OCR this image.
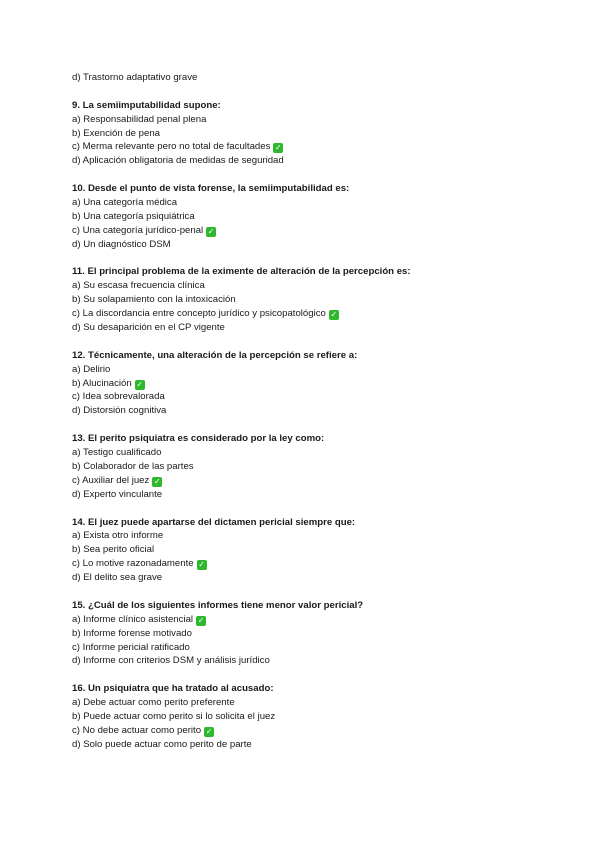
d) Trastorno adaptativo grave
9. La semiimputabilidad supone:
a) Responsabilidad penal plena
b) Exención de pena
c) Merma relevante pero no total de facultades ✓
d) Aplicación obligatoria de medidas de seguridad
10. Desde el punto de vista forense, la semiimputabilidad es:
a) Una categoría médica
b) Una categoría psiquiátrica
c) Una categoría jurídico-penal ✓
d) Un diagnóstico DSM
11. El principal problema de la eximente de alteración de la percepción es:
a) Su escasa frecuencia clínica
b) Su solapamiento con la intoxicación
c) La discordancia entre concepto jurídico y psicopatológico ✓
d) Su desaparición en el CP vigente
12. Técnicamente, una alteración de la percepción se refiere a:
a) Delirio
b) Alucinación ✓
c) Idea sobrevalorada
d) Distorsión cognitiva
13. El perito psiquiatra es considerado por la ley como:
a) Testigo cualificado
b) Colaborador de las partes
c) Auxiliar del juez ✓
d) Experto vinculante
14. El juez puede apartarse del dictamen pericial siempre que:
a) Exista otro informe
b) Sea perito oficial
c) Lo motive razonadamente ✓
d) El delito sea grave
15. ¿Cuál de los siguientes informes tiene menor valor pericial?
a) Informe clínico asistencial ✓
b) Informe forense motivado
c) Informe pericial ratificado
d) Informe con criterios DSM y análisis jurídico
16. Un psiquiatra que ha tratado al acusado:
a) Debe actuar como perito preferente
b) Puede actuar como perito si lo solicita el juez
c) No debe actuar como perito ✓
d) Solo puede actuar como perito de parte
